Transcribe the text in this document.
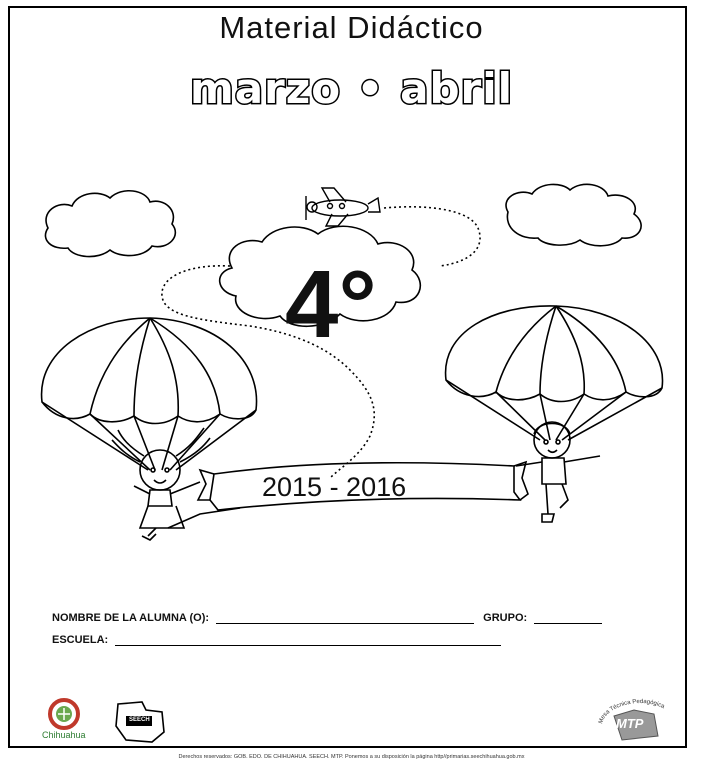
Material Didáctico
marzo • abril
4°
2015 - 2016
NOMBRE DE LA ALUMNA (O):	GRUPO:
ESCUELA:
Chihuahua
SEECH	Mesa Técnica Pedagógica
MTP
Derechos reservados: GOB. EDO. DE CHIHUAHUA. SEECH. MTP. Ponemos a su disposición la página http//primarias.seechihuahua.gob.mx
